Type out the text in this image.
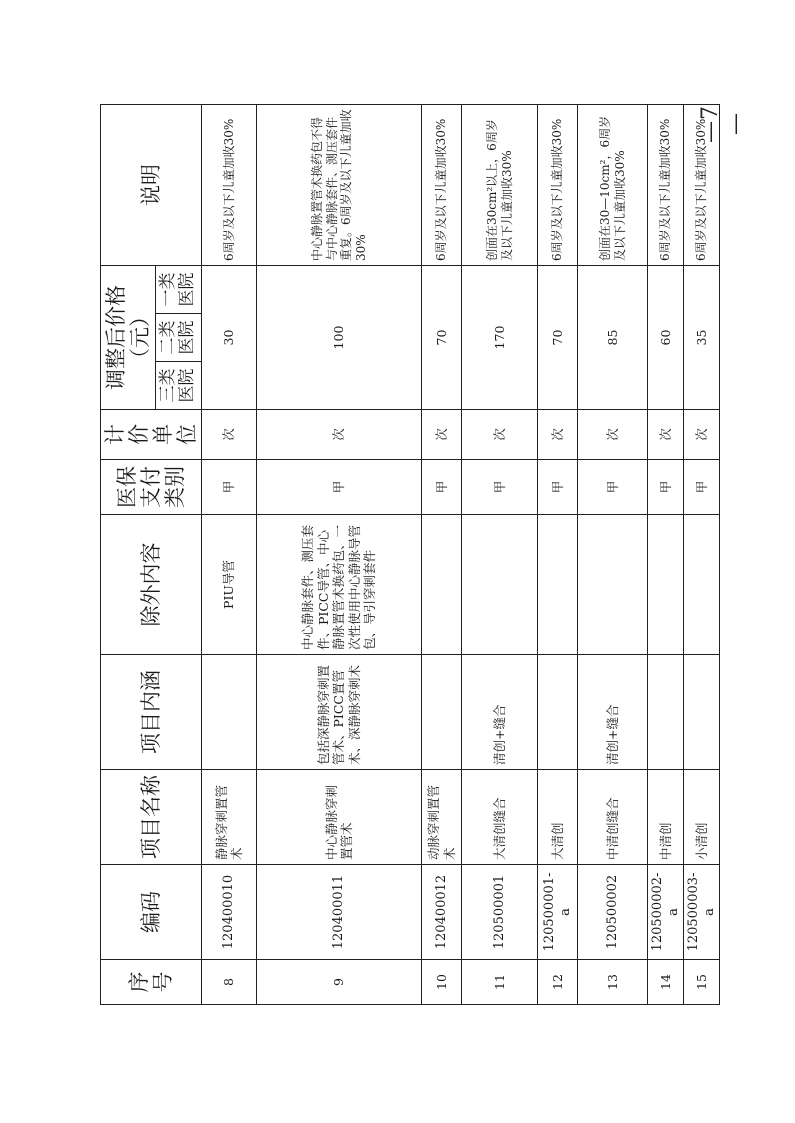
序号	编码	项目名称	项目内涵	除外内容	医保支付类别	计价单位	调整后价格（元）			说明
							三类医院	二类医院	一类医院	
8	120400010	静脉穿刺置管术		PIU导管	甲	次	30			6周岁及以下儿童加收30%
9	120400011	中心静脉穿刺置管术	包括深静脉穿刺置管术、PICC置管术、深静脉穿刺术	中心静脉套件、测压套件、PICC导管、中心静脉置管术换药包、一次性使用中心静脉导管包、导引穿刺套件	甲	次	100			中心静脉置管术换药包不得与中心静脉套件、测压套件重复。6周岁及以下儿童加收30%
10	120400012	动脉穿刺置管术			甲	次	70			6周岁及以下儿童加收30%
11	120500001	大清创缝合	清创+缝合		甲	次	170			创面在30cm²以上，6周岁及以下儿童加收30%
12	120500001-a	大清创			甲	次	70			6周岁及以下儿童加收30%
13	120500002	中清创缝合	清创+缝合		甲	次	85			创面在30—10cm²，6周岁及以下儿童加收30%
14	120500002-a	中清创			甲	次	60			6周岁及以下儿童加收30%
15	120500003-a	小清创			甲	次	35			6周岁及以下儿童加收30%
—7—
